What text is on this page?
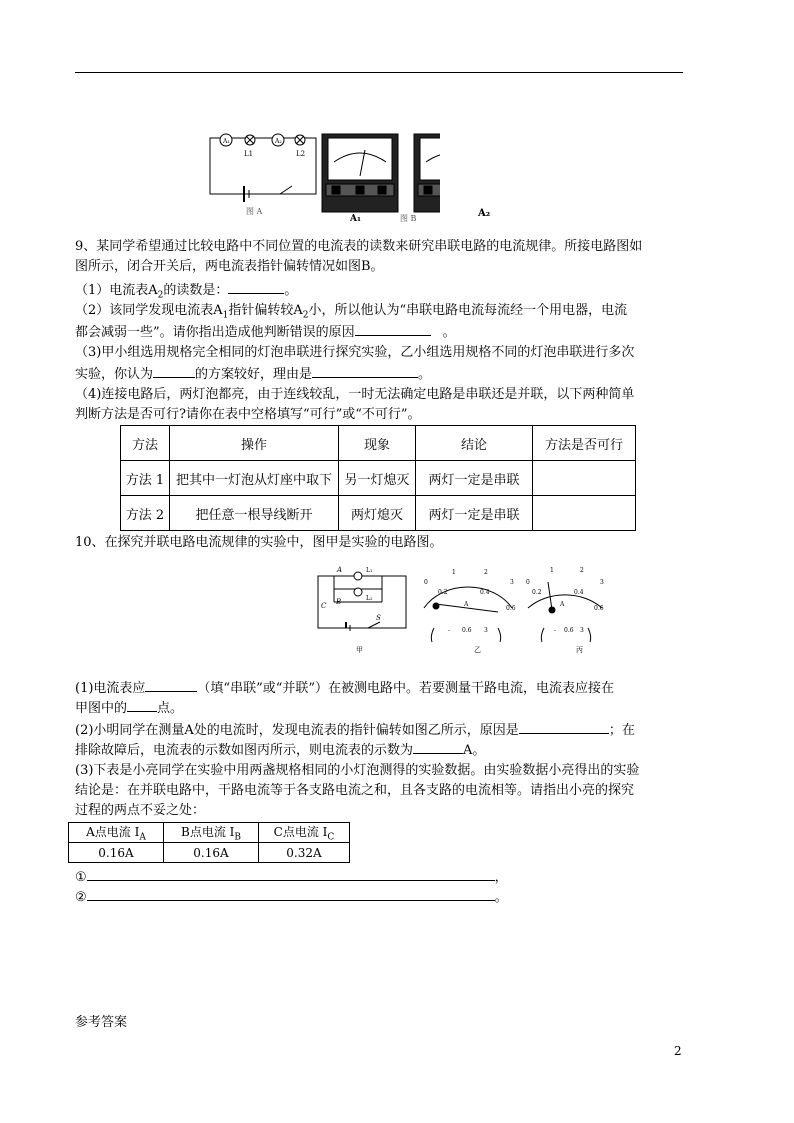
A₁
L1
A₂
L2
图 A
A₁	图 B	A₂
9、某同学希望通过比较电路中不同位置的电流表的读数来研究串联电路的电流规律。所接电路图如
图所示，闭合开关后，两电流表指针偏转情况如图B。
（1）电流表$A_2$的读数是：	。
（2）该同学发现电流表$A_1$指针偏转较$A_2$小，所以他认为“串联电路电流每流经一个用电器，电流
都会减弱一些”。请你指出造成他判断错误的原因	。
（3)甲小组选用规格完全相同的灯泡串联进行探究实验，乙小组选用规格不同的灯泡串联进行多次
实验，你认为	的方案较好，理由是	。
（4)连接电路后，两灯泡都亮，由于连线较乱，一时无法确定电路是串联还是并联，以下两种简单
判断方法是否可行?请你在表中空格填写“可行”或“不可行”。
方法	操作	现象	结论	方法是否可行
方法 1	把其中一灯泡从灯座中取下	另一灯熄灭	两灯一定是串联	
方法 2	把任意一根导线断开	两灯熄灭	两灯一定是串联	
10、在探究并联电路电流规律的实验中，图甲是实验的电路图。
A
B
C
S
L₁
L₂
甲
0
1	2
3
0.2	0.4
0.6
A
- 0.6 3
乙
0
1	2
3
0.2	0.4
0.6
A
- 0.6 3
丙
(1)电流表应	（填“串联”或“并联”）在被测电路中。若要测量干路电流，电流表应接在
甲图中的 点。
(2)小明同学在测量A处的电流时，发现电流表的指针偏转如图乙所示，原因是	；在
排除故障后，电流表的示数如图丙所示，则电流表的示数为	A。
(3)下表是小亮同学在实验中用两盏规格相同的小灯泡测得的实验数据。由实验数据小亮得出的实验
结论是：在并联电路中，干路电流等于各支路电流之和，且各支路的电流相等。请指出小亮的探究
过程的两点不妥之处：
A点电流 $I_A$	B点电流 $I_B$	C点电流 $I_C$
0.16A	0.16A	0.32A
①	，
②	。
参考答案
2
